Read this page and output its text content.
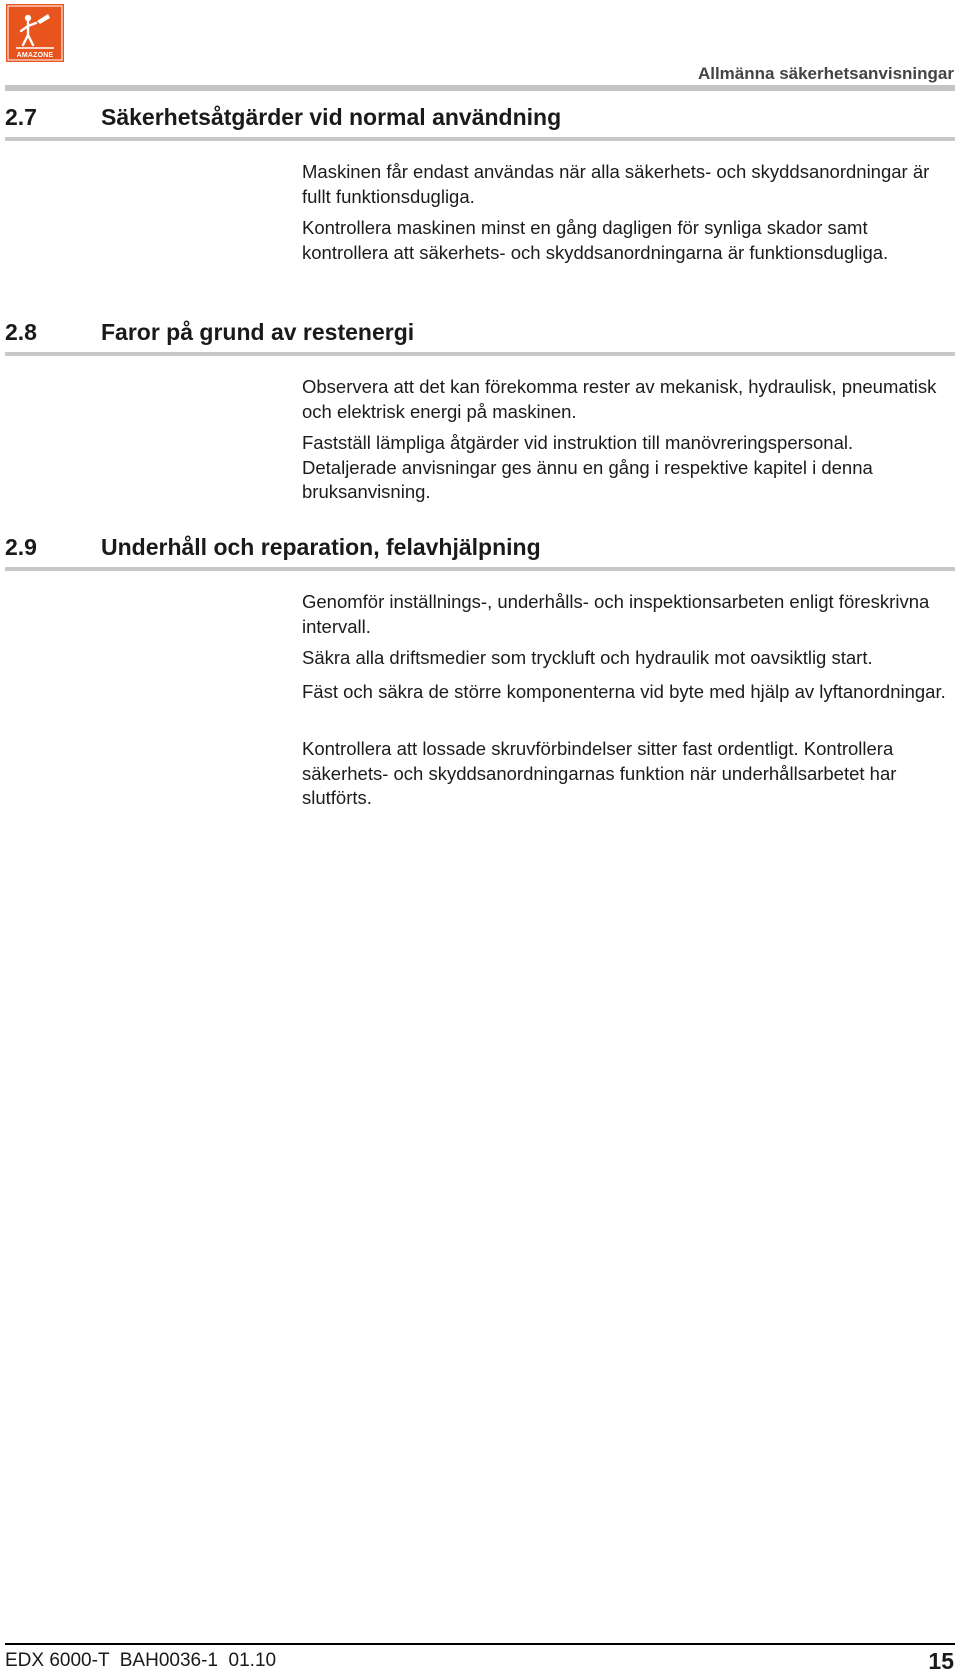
AMAZONE
Allmänna säkerhetsanvisningar
2.7	Säkerhetsåtgärder vid normal användning

Maskinen får endast användas när alla säkerhets- och skyddsanordningar är fullt funktionsdugliga.

Kontrollera maskinen minst en gång dagligen för synliga skador samt kontrollera att säkerhets- och skyddsanordningarna är funktionsdugliga.

2.8	Faror på grund av restenergi

Observera att det kan förekomma rester av mekanisk, hydraulisk, pneumatisk och elektrisk energi på maskinen.

Fastställ lämpliga åtgärder vid instruktion till manövreringspersonal. Detaljerade anvisningar ges ännu en gång i respektive kapitel i denna bruksanvisning.

2.9	Underhåll och reparation, felavhjälpning

Genomför inställnings-, underhålls- och inspektionsarbeten enligt föreskrivna intervall.

Säkra alla driftsmedier som tryckluft och hydraulik mot oavsiktlig start.

Fäst och säkra de större komponenterna vid byte med hjälp av lyftanordningar.

Kontrollera att lossade skruvförbindelser sitter fast ordentligt. Kontrollera säkerhets- och skyddsanordningarnas funktion när underhållsarbetet har slutförts.

EDX 6000-T  BAH0036-1  01.10	15
